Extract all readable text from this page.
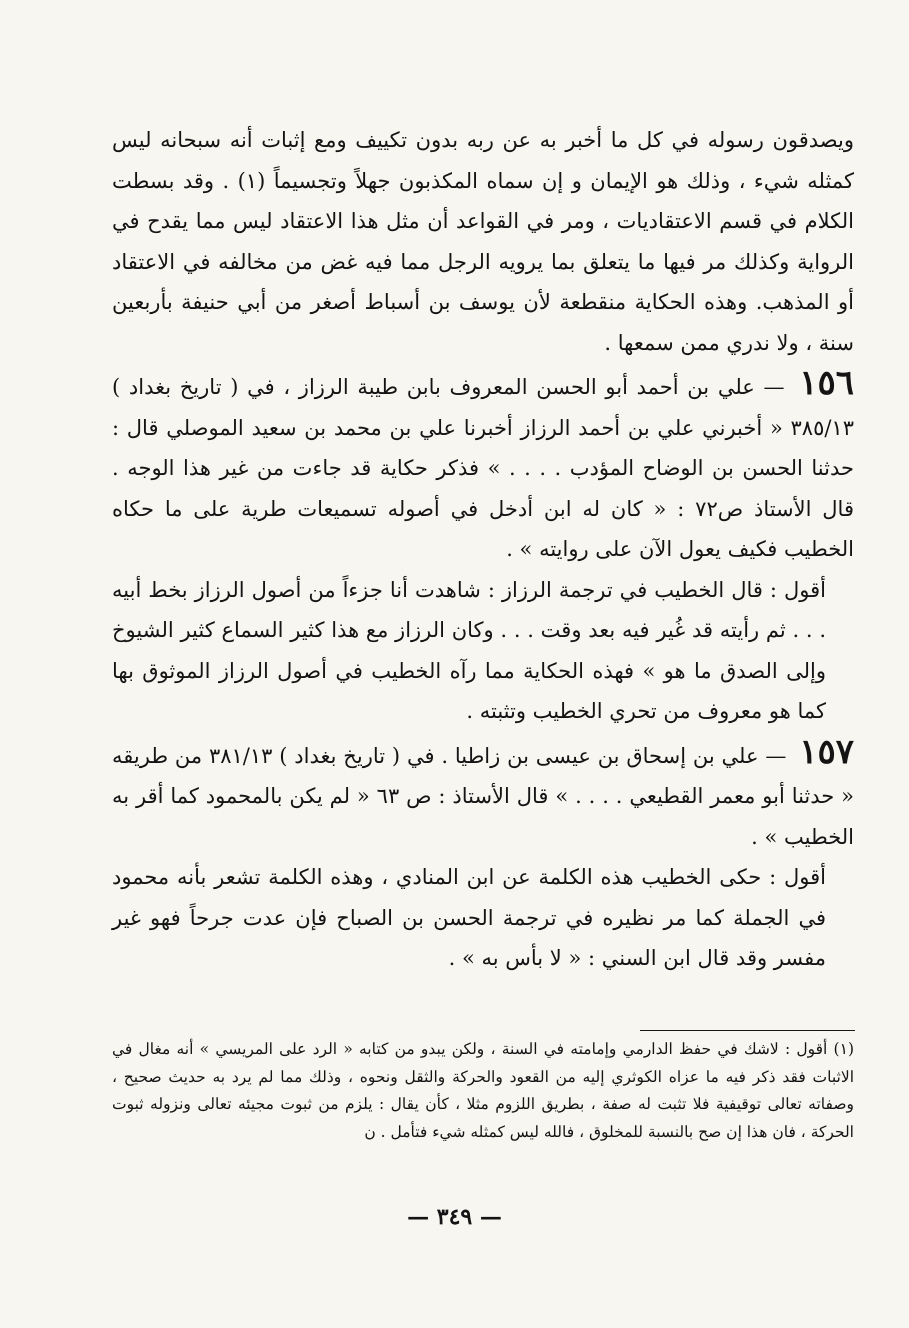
ويصدقون رسوله في كل ما أخبر به عن ربه بدون تكييف ومع إثبات أنه سبحانه ليس كمثله شيء ، وذلك هو الإيمان و إن سماه المكذبون جهلاً وتجسيماً (١) . وقد بسطت الكلام في قسم الاعتقاديات ، ومر في القواعد أن مثل هذا الاعتقاد ليس مما يقدح في الرواية وكذلك مر فيها ما يتعلق بما يرويه الرجل مما فيه غض من مخالفه في الاعتقاد أو المذهب. وهذه الحكاية منقطعة لأن يوسف بن أسباط أصغر من أبي حنيفة بأربعين سنة ، ولا ندري ممن سمعها .

١٥٦ — علي بن أحمد أبو الحسن المعروف بابن طيبة الرزاز ، في ( تاريخ بغداد ) ٣٨٥/١٣ « أخبرني علي بن أحمد الرزاز أخبرنا علي بن محمد بن سعيد الموصلي قال : حدثنا الحسن بن الوضاح المؤدب . . . . » فذكر حكاية قد جاءت من غير هذا الوجه . قال الأستاذ ص٧٢ : « كان له ابن أدخل في أصوله تسميعات طرية على ما حكاه الخطيب فكيف يعول الآن على روايته » .

أقول : قال الخطيب في ترجمة الرزاز : شاهدت أنا جزءاً من أصول الرزاز بخط أبيه . . . ثم رأيته قد غُير فيه بعد وقت . . . وكان الرزاز مع هذا كثير السماع كثير الشيوخ وإلى الصدق ما هو » فهذه الحكاية مما رآه الخطيب في أصول الرزاز الموثوق بها كما هو معروف من تحري الخطيب وتثبته .

١٥٧ — علي بن إسحاق بن عيسى بن زاطيا . في ( تاريخ بغداد ) ٣٨١/١٣ من طريقه « حدثنا أبو معمر القطيعي . . . . » قال الأستاذ : ص ٦٣ « لم يكن بالمحمود كما أقر به الخطيب » .

أقول : حكى الخطيب هذه الكلمة عن ابن المنادي ، وهذه الكلمة تشعر بأنه محمود في الجملة كما مر نظيره في ترجمة الحسن بن الصباح فإن عدت جرحاً فهو غير مفسر وقد قال ابن السني : « لا بأس به » .

(١) أقول : لاشك في حفظ الدارمي وإمامته في السنة ، ولكن يبدو من كتابه « الرد على المريسي » أنه مغال في الاثبات فقد ذكر فيه ما عزاه الكوثري إليه من القعود والحركة والثقل ونحوه ، وذلك مما لم يرد به حديث صحيح ، وصفاته تعالى توقيفية فلا تثبت له صفة ، بطريق اللزوم مثلا ، كأن يقال : يلزم من ثبوت مجيئه تعالى ونزوله ثبوت الحركة ، فان هذا إن صح بالنسبة للمخلوق ، فالله ليس كمثله شيء فتأمل . ن

— ٣٤٩ —
